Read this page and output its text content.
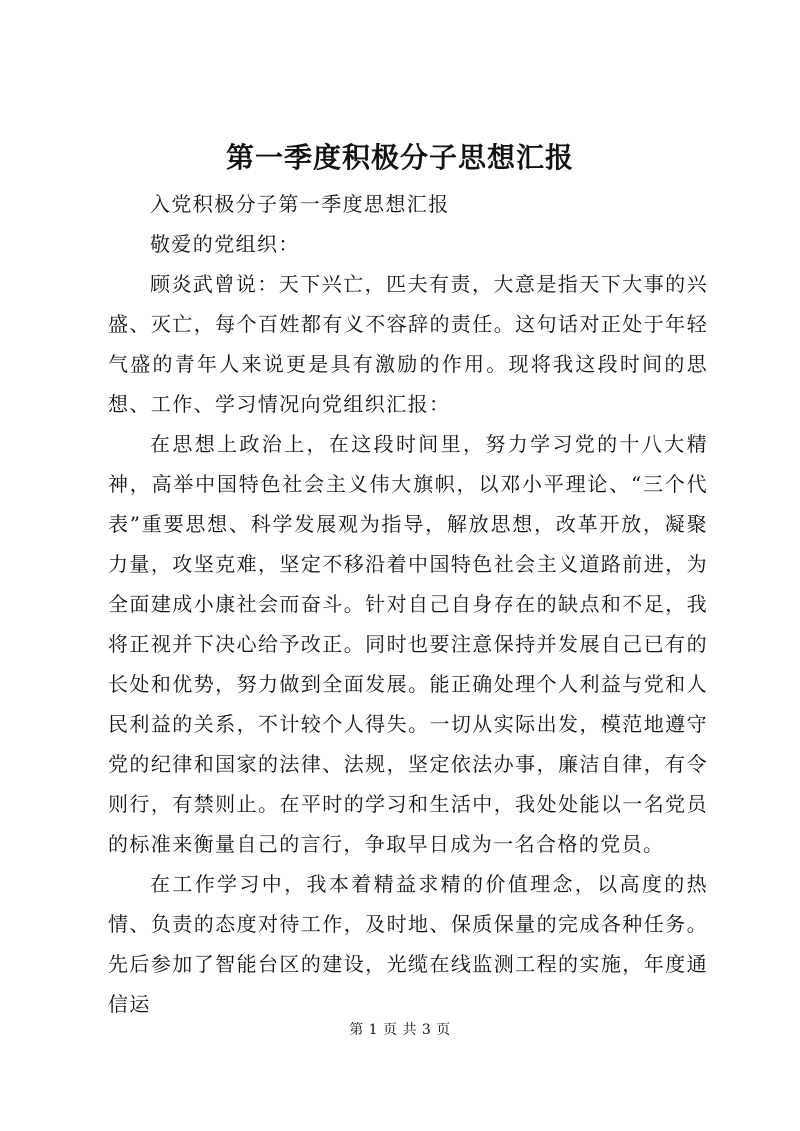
第一季度积极分子思想汇报

入党积极分子第一季度思想汇报

敬爱的党组织：

顾炎武曾说：天下兴亡，匹夫有责，大意是指天下大事的兴盛、灭亡，每个百姓都有义不容辞的责任。这句话对正处于年轻气盛的青年人来说更是具有激励的作用。现将我这段时间的思想、工作、学习情况向党组织汇报：

在思想上政治上，在这段时间里，努力学习党的十八大精神，高举中国特色社会主义伟大旗帜，以邓小平理论、“三个代表”重要思想、科学发展观为指导，解放思想，改革开放，凝聚力量，攻坚克难，坚定不移沿着中国特色社会主义道路前进，为全面建成小康社会而奋斗。针对自己自身存在的缺点和不足，我将正视并下决心给予改正。同时也要注意保持并发展自己已有的长处和优势，努力做到全面发展。能正确处理个人利益与党和人民利益的关系，不计较个人得失。一切从实际出发，模范地遵守党的纪律和国家的法律、法规，坚定依法办事，廉洁自律，有令则行，有禁则止。在平时的学习和生活中，我处处能以一名党员的标准来衡量自己的言行，争取早日成为一名合格的党员。

在工作学习中，我本着精益求精的价值理念，以高度的热情、负责的态度对待工作，及时地、保质保量的完成各种任务。先后参加了智能台区的建设，光缆在线监测工程的实施，年度通信运

第 1 页 共 3 页
